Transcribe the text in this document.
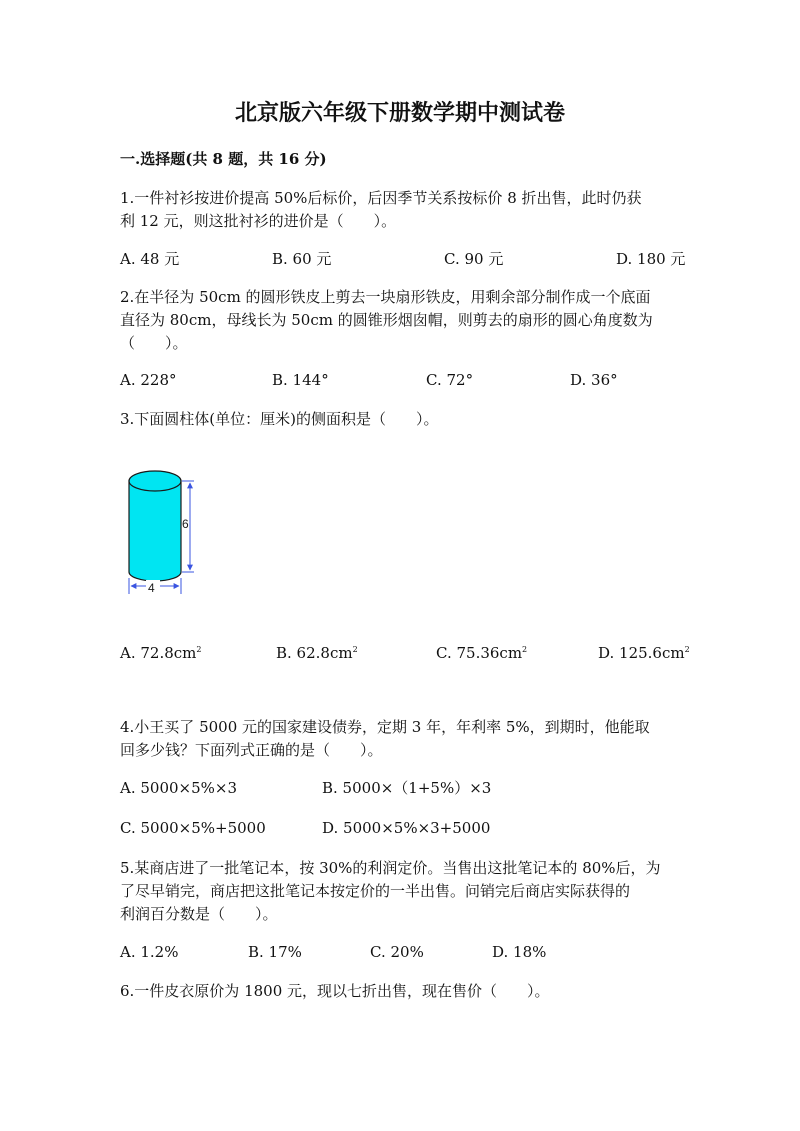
北京版六年级下册数学期中测试卷
一.选择题(共 8 题，共 16 分)
1.一件衬衫按进价提高 50%后标价，后因季节关系按标价 8 折出售，此时仍获
利 12 元，则这批衬衫的进价是（　　）。
A. 48 元	B. 60 元	C. 90 元	D. 180 元
2.在半径为 50cm 的圆形铁皮上剪去一块扇形铁皮，用剩余部分制作成一个底面
直径为 80cm，母线长为 50cm 的圆锥形烟囱帽，则剪去的扇形的圆心角度数为
（　　）。
A. 228°	B. 144°	C. 72°	D. 36°
3.下面圆柱体(单位：厘米)的侧面积是（　　）。
6
4
A. $72.8cm^2$	B. $62.8cm^2$	C. $75.36cm^2$	D. $125.6cm^2$
4.小王买了 5000 元的国家建设债券，定期 3 年，年利率 5%，到期时，他能取
回多少钱？下面列式正确的是（　　）。
A. 5000×5%×3	B. 5000×（1+5%）×3
C. 5000×5%+5000	D. 5000×5%×3+5000
5.某商店进了一批笔记本，按 30%的利润定价。当售出这批笔记本的 80%后，为
了尽早销完，商店把这批笔记本按定价的一半出售。问销完后商店实际获得的
利润百分数是（　　）。
A. 1.2%	B. 17%	C. 20%	D. 18%
6.一件皮衣原价为 1800 元，现以七折出售，现在售价（　　）。
